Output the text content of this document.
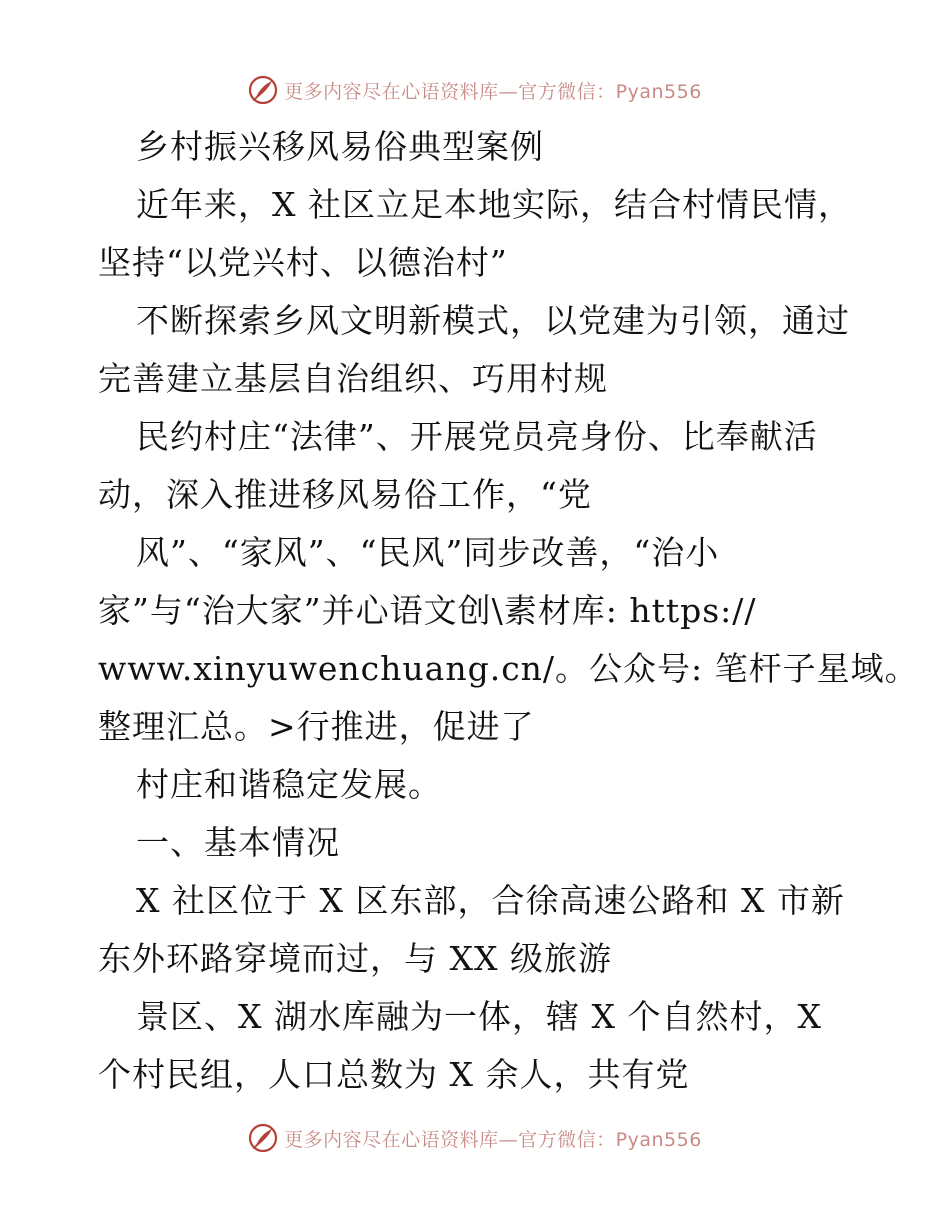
更多内容尽在心语资料库—官方微信：Pyan556
乡村振兴移风易俗典型案例
近年来，X 社区立足本地实际，结合村情民情，
坚持“以党兴村、以德治村”
不断探索乡风文明新模式，以党建为引领，通过
完善建立基层自治组织、巧用村规
民约村庄“法律”、开展党员亮身份、比奉献活
动，深入推进移风易俗工作，“党
风”、“家风”、“民风”同步改善，“治小
家”与“治大家”并心语文创\素材库: https://
www.xinyuwenchuang.cn/。公众号: 笔杆子星域。
整理汇总。>行推进，促进了
村庄和谐稳定发展。
一、基本情况
X 社区位于 X 区东部，合徐高速公路和 X 市新
东外环路穿境而过，与 XX 级旅游
景区、X 湖水库融为一体，辖 X 个自然村，X
个村民组，人口总数为 X 余人，共有党
更多内容尽在心语资料库—官方微信：Pyan556
